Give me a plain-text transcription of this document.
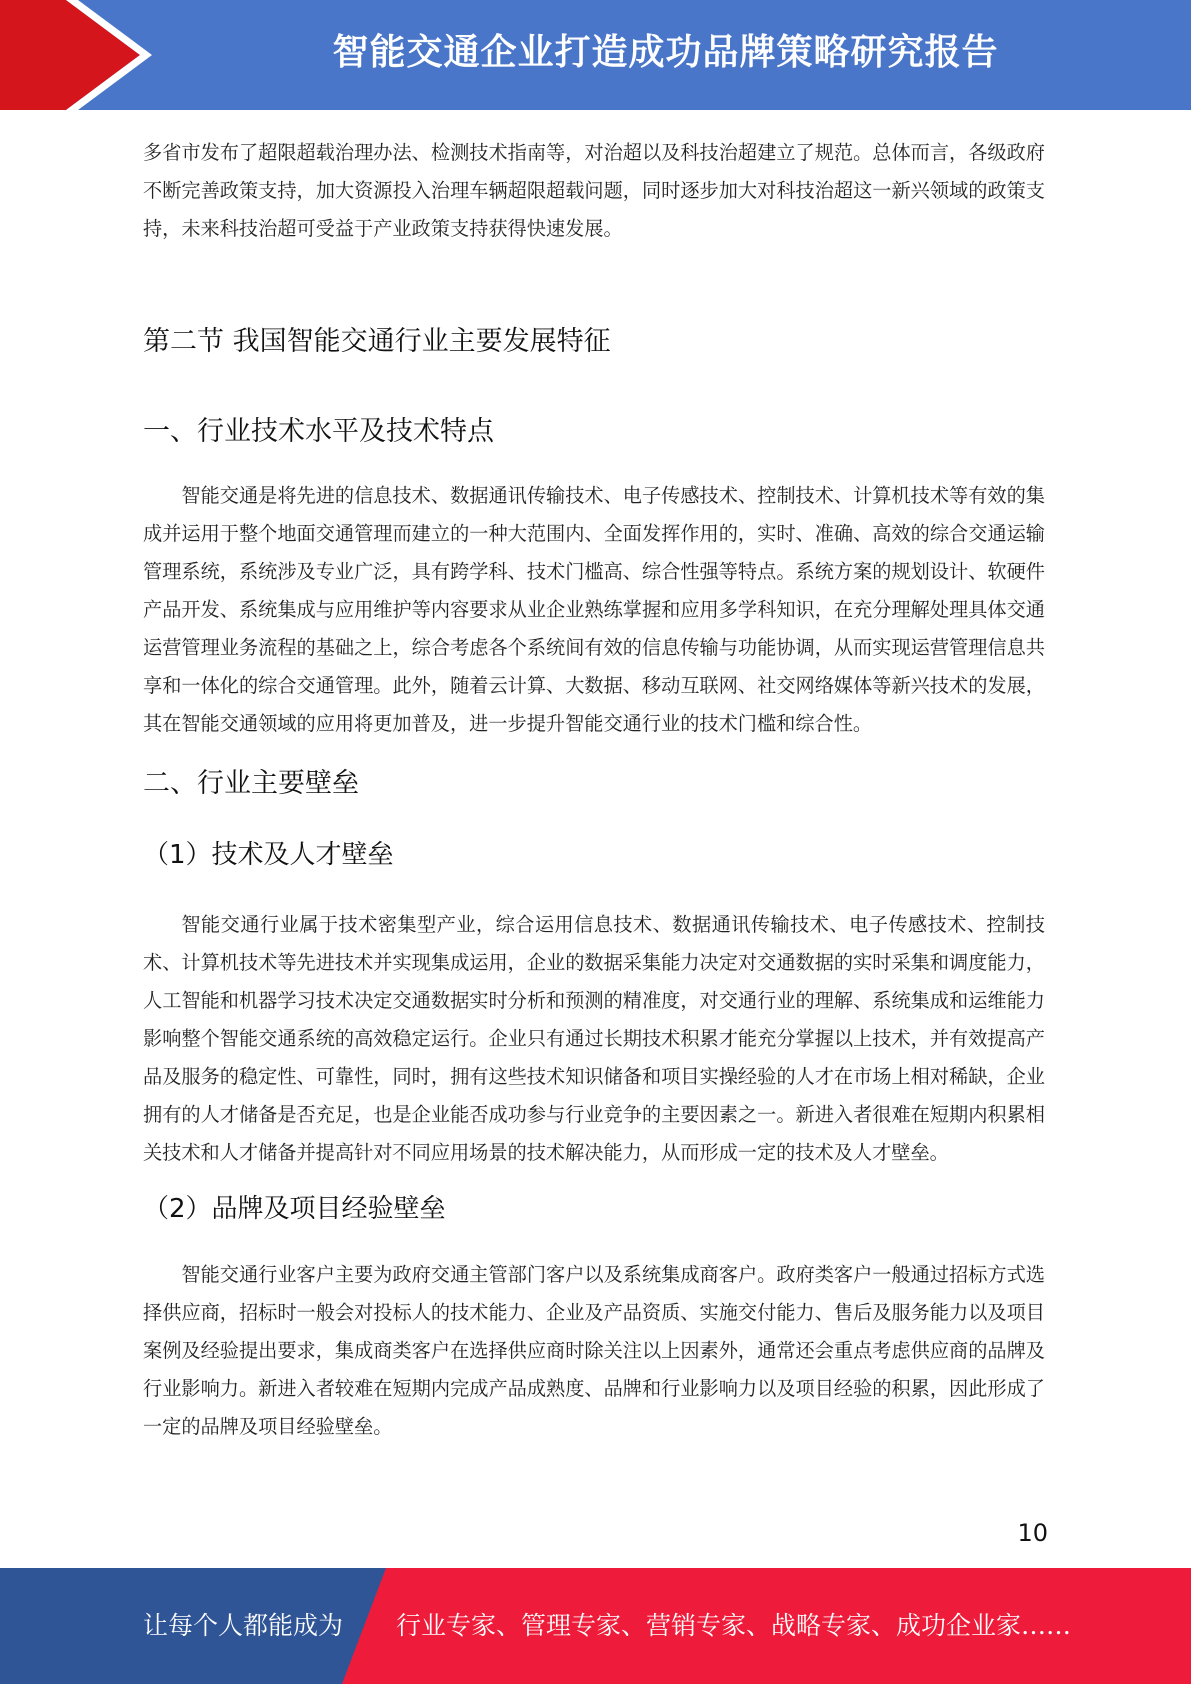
智能交通企业打造成功品牌策略研究报告

多省市发布了超限超载治理办法、检测技术指南等，对治超以及科技治超建立了规范。总体而言，各级政府不断完善政策支持，加大资源投入治理车辆超限超载问题，同时逐步加大对科技治超这一新兴领域的政策支持，未来科技治超可受益于产业政策支持获得快速发展。

第二节 我国智能交通行业主要发展特征
一、行业技术水平及技术特点

智能交通是将先进的信息技术、数据通讯传输技术、电子传感技术、控制技术、计算机技术等有效的集成并运用于整个地面交通管理而建立的一种大范围内、全面发挥作用的，实时、准确、高效的综合交通运输管理系统，系统涉及专业广泛，具有跨学科、技术门槛高、综合性强等特点。系统方案的规划设计、软硬件产品开发、系统集成与应用维护等内容要求从业企业熟练掌握和应用多学科知识，在充分理解处理具体交通运营管理业务流程的基础之上，综合考虑各个系统间有效的信息传输与功能协调，从而实现运营管理信息共享和一体化的综合交通管理。此外，随着云计算、大数据、移动互联网、社交网络媒体等新兴技术的发展，其在智能交通领域的应用将更加普及，进一步提升智能交通行业的技术门槛和综合性。

二、行业主要壁垒
（1）技术及人才壁垒

智能交通行业属于技术密集型产业，综合运用信息技术、数据通讯传输技术、电子传感技术、控制技术、计算机技术等先进技术并实现集成运用，企业的数据采集能力决定对交通数据的实时采集和调度能力，人工智能和机器学习技术决定交通数据实时分析和预测的精准度，对交通行业的理解、系统集成和运维能力影响整个智能交通系统的高效稳定运行。企业只有通过长期技术积累才能充分掌握以上技术，并有效提高产品及服务的稳定性、可靠性，同时，拥有这些技术知识储备和项目实操经验的人才在市场上相对稀缺，企业拥有的人才储备是否充足，也是企业能否成功参与行业竞争的主要因素之一。新进入者很难在短期内积累相关技术和人才储备并提高针对不同应用场景的技术解决能力，从而形成一定的技术及人才壁垒。

（2）品牌及项目经验壁垒

智能交通行业客户主要为政府交通主管部门客户以及系统集成商客户。政府类客户一般通过招标方式选择供应商，招标时一般会对投标人的技术能力、企业及产品资质、实施交付能力、售后及服务能力以及项目案例及经验提出要求，集成商类客户在选择供应商时除关注以上因素外，通常还会重点考虑供应商的品牌及行业影响力。新进入者较难在短期内完成产品成熟度、品牌和行业影响力以及项目经验的积累，因此形成了一定的品牌及项目经验壁垒。

10
让每个人都能成为 行业专家、管理专家、营销专家、战略专家、成功企业家……
